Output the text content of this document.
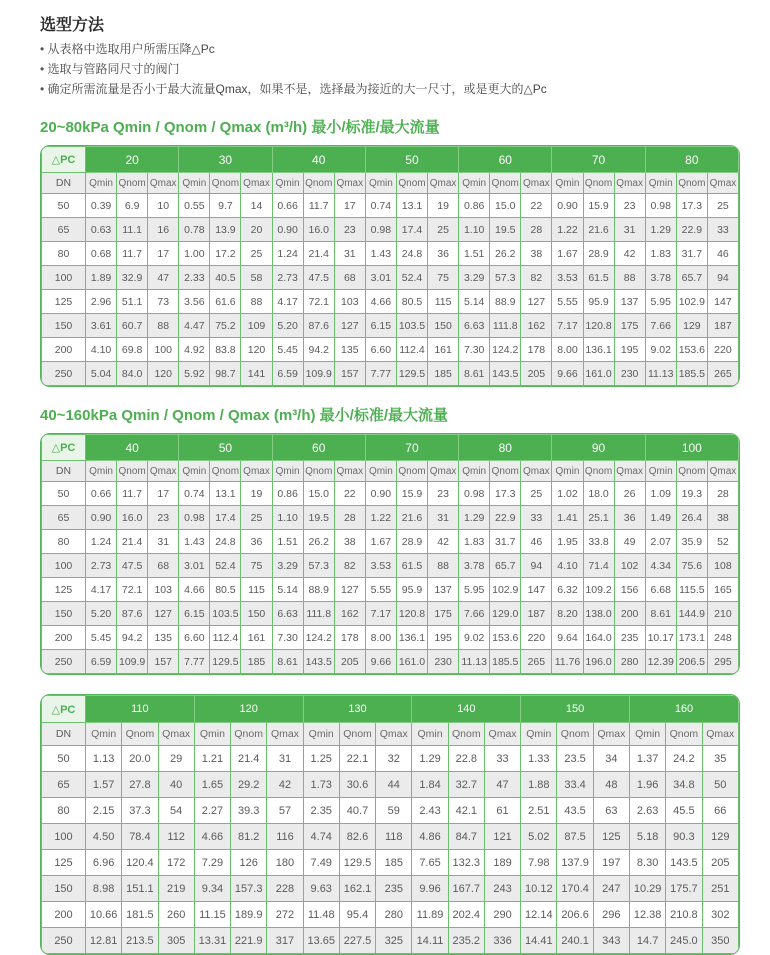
选型方法
• 从表格中选取用户所需压降△Pc
• 选取与管路同尺寸的阀门
• 确定所需流量是否小于最大流量Qmax，如果不是，选择最为接近的大一尺寸，或是更大的△Pc
20~80kPa Qmin / Qnom / Qmax (m³/h) 最小/标准/最大流量
△PC	20			30			40			50			60			70			80		
DN	Qmin	Qnom	Qmax	Qmin	Qnom	Qmax	Qmin	Qnom	Qmax	Qmin	Qnom	Qmax	Qmin	Qnom	Qmax	Qmin	Qnom	Qmax	Qmin	Qnom	Qmax
50	0.39	6.9	10	0.55	9.7	14	0.66	11.7	17	0.74	13.1	19	0.86	15.0	22	0.90	15.9	23	0.98	17.3	25
65	0.63	11.1	16	0.78	13.9	20	0.90	16.0	23	0.98	17.4	25	1.10	19.5	28	1.22	21.6	31	1.29	22.9	33
80	0.68	11.7	17	1.00	17.2	25	1.24	21.4	31	1.43	24.8	36	1.51	26.2	38	1.67	28.9	42	1.83	31.7	46
100	1.89	32.9	47	2.33	40.5	58	2.73	47.5	68	3.01	52.4	75	3.29	57.3	82	3.53	61.5	88	3.78	65.7	94
125	2.96	51.1	73	3.56	61.6	88	4.17	72.1	103	4.66	80.5	115	5.14	88.9	127	5.55	95.9	137	5.95	102.9	147
150	3.61	60.7	88	4.47	75.2	109	5.20	87.6	127	6.15	103.5	150	6.63	111.8	162	7.17	120.8	175	7.66	129	187
200	4.10	69.8	100	4.92	83.8	120	5.45	94.2	135	6.60	112.4	161	7.30	124.2	178	8.00	136.1	195	9.02	153.6	220
250	5.04	84.0	120	5.92	98.7	141	6.59	109.9	157	7.77	129.5	185	8.61	143.5	205	9.66	161.0	230	11.13	185.5	265
40~160kPa Qmin / Qnom / Qmax (m³/h) 最小/标准/最大流量
△PC	40			50			60			70			80			90			100		
DN	Qmin	Qnom	Qmax	Qmin	Qnom	Qmax	Qmin	Qnom	Qmax	Qmin	Qnom	Qmax	Qmin	Qnom	Qmax	Qmin	Qnom	Qmax	Qmin	Qnom	Qmax
50	0.66	11.7	17	0.74	13.1	19	0.86	15.0	22	0.90	15.9	23	0.98	17.3	25	1.02	18.0	26	1.09	19.3	28
65	0.90	16.0	23	0.98	17.4	25	1.10	19.5	28	1.22	21.6	31	1.29	22.9	33	1.41	25.1	36	1.49	26.4	38
80	1.24	21.4	31	1.43	24.8	36	1.51	26.2	38	1.67	28.9	42	1.83	31.7	46	1.95	33.8	49	2.07	35.9	52
100	2.73	47.5	68	3.01	52.4	75	3.29	57.3	82	3.53	61.5	88	3.78	65.7	94	4.10	71.4	102	4.34	75.6	108
125	4.17	72.1	103	4.66	80.5	115	5.14	88.9	127	5.55	95.9	137	5.95	102.9	147	6.32	109.2	156	6.68	115.5	165
150	5.20	87.6	127	6.15	103.5	150	6.63	111.8	162	7.17	120.8	175	7.66	129.0	187	8.20	138.0	200	8.61	144.9	210
200	5.45	94.2	135	6.60	112.4	161	7.30	124.2	178	8.00	136.1	195	9.02	153.6	220	9.64	164.0	235	10.17	173.1	248
250	6.59	109.9	157	7.77	129.5	185	8.61	143.5	205	9.66	161.0	230	11.13	185.5	265	11.76	196.0	280	12.39	206.5	295
△PC	110			120			130			140			150			160		
DN	Qmin	Qnom	Qmax	Qmin	Qnom	Qmax	Qmin	Qnom	Qmax	Qmin	Qnom	Qmax	Qmin	Qnom	Qmax	Qmin	Qnom	Qmax
50	1.13	20.0	29	1.21	21.4	31	1.25	22.1	32	1.29	22.8	33	1.33	23.5	34	1.37	24.2	35
65	1.57	27.8	40	1.65	29.2	42	1.73	30.6	44	1.84	32.7	47	1.88	33.4	48	1.96	34.8	50
80	2.15	37.3	54	2.27	39.3	57	2.35	40.7	59	2.43	42.1	61	2.51	43.5	63	2.63	45.5	66
100	4.50	78.4	112	4.66	81.2	116	4.74	82.6	118	4.86	84.7	121	5.02	87.5	125	5.18	90.3	129
125	6.96	120.4	172	7.29	126	180	7.49	129.5	185	7.65	132.3	189	7.98	137.9	197	8.30	143.5	205
150	8.98	151.1	219	9.34	157.3	228	9.63	162.1	235	9.96	167.7	243	10.12	170.4	247	10.29	175.7	251
200	10.66	181.5	260	11.15	189.9	272	11.48	95.4	280	11.89	202.4	290	12.14	206.6	296	12.38	210.8	302
250	12.81	213.5	305	13.31	221.9	317	13.65	227.5	325	14.11	235.2	336	14.41	240.1	343	14.7	245.0	350
